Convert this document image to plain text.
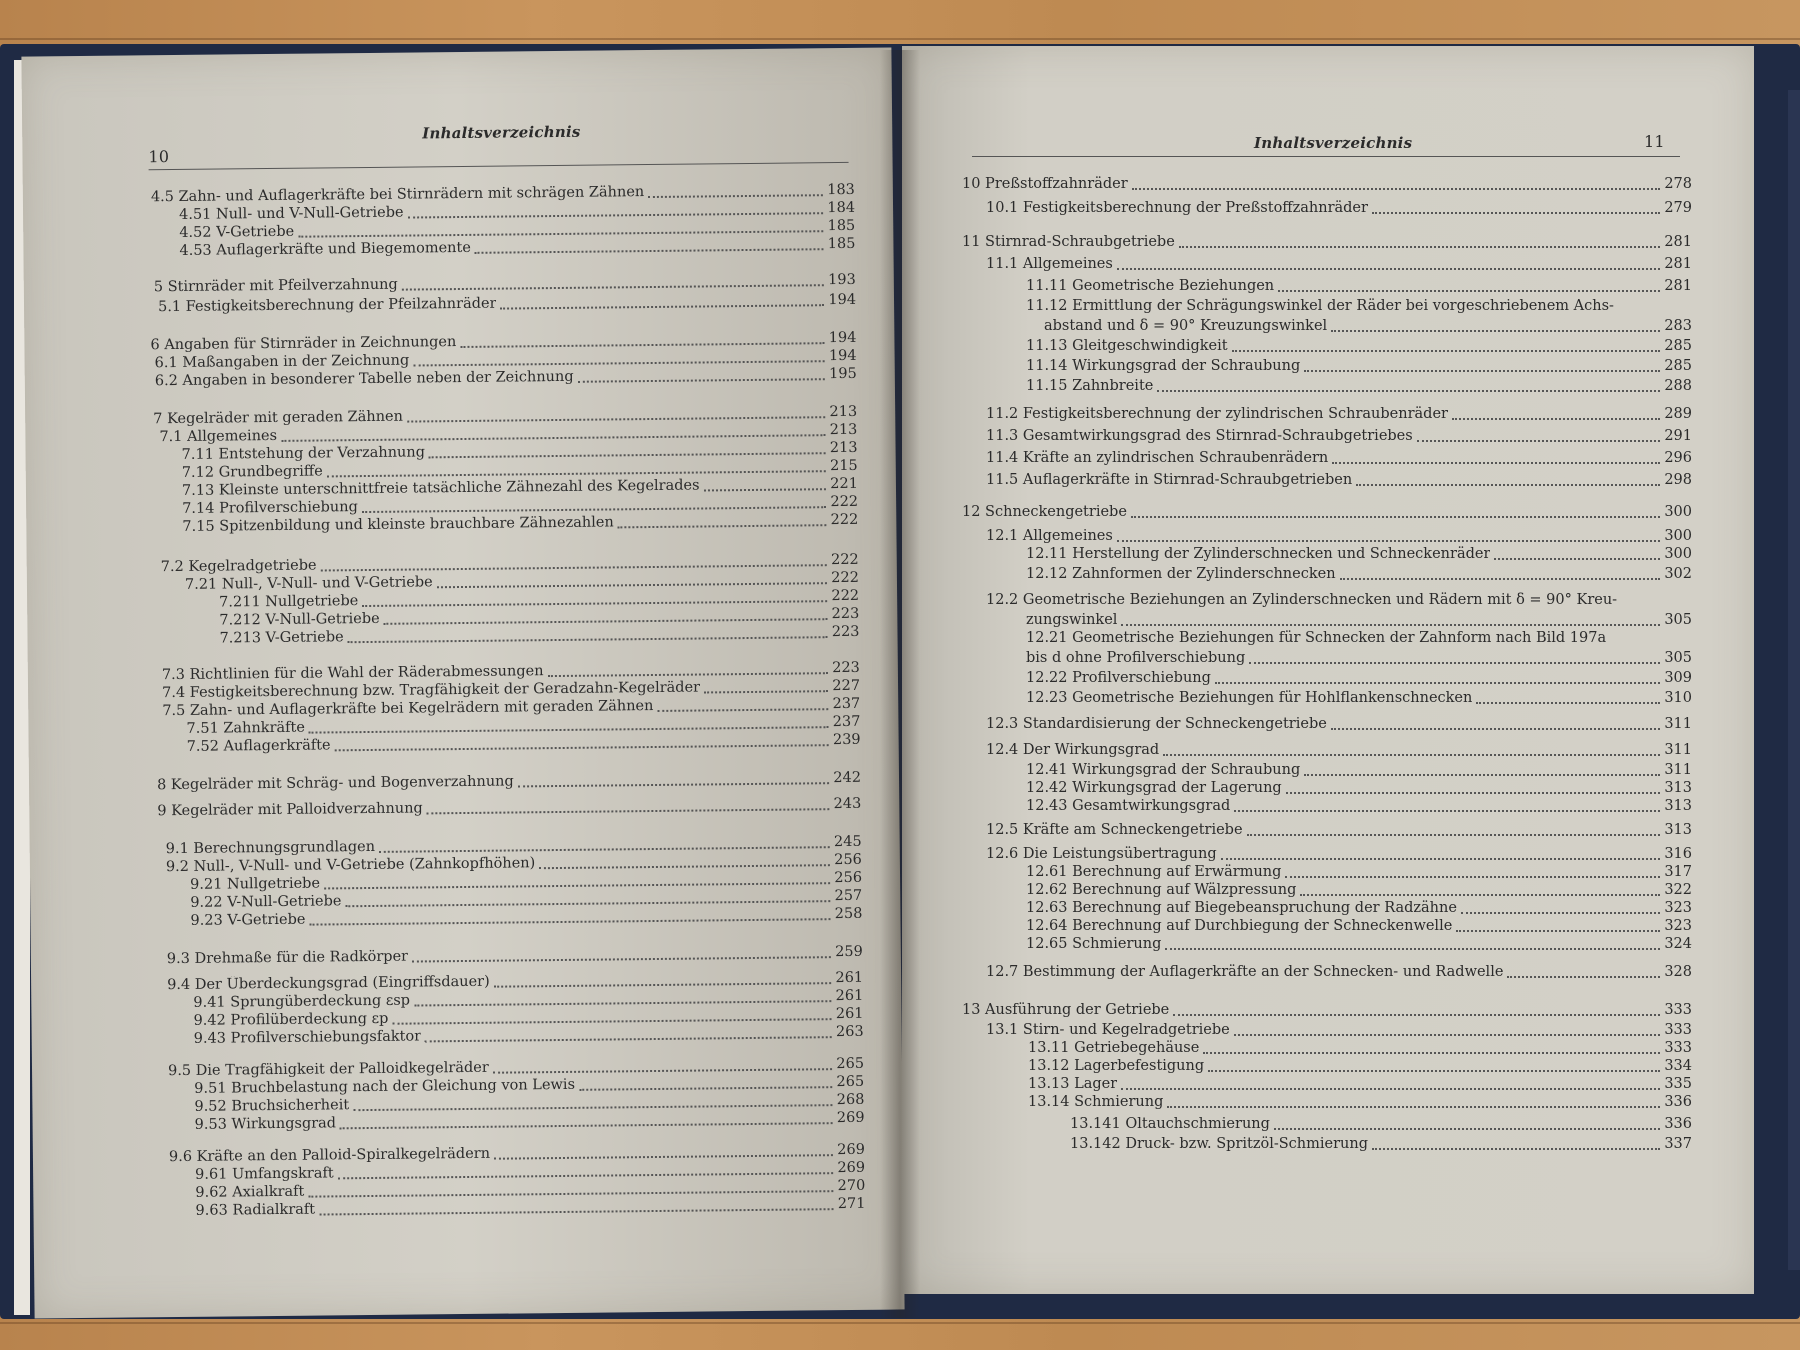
10
Inhaltsverzeichnis
4.5 Zahn- und Auflagerkräfte bei Stirnrädern mit schrägen Zähnen	183
4.51 Null- und V-Null-Getriebe	184
4.52 V-Getriebe	185
4.53 Auflagerkräfte und Biegemomente	185
5 Stirnräder mit Pfeilverzahnung	193
5.1 Festigkeitsberechnung der Pfeilzahnräder	194
6 Angaben für Stirnräder in Zeichnungen	194
6.1 Maßangaben in der Zeichnung	194
6.2 Angaben in besonderer Tabelle neben der Zeichnung	195
7 Kegelräder mit geraden Zähnen	213
7.1 Allgemeines	213
7.11 Entstehung der Verzahnung	213
7.12 Grundbegriffe	215
7.13 Kleinste unterschnittfreie tatsächliche Zähnezahl des Kegelrades	221
7.14 Profilverschiebung	222
7.15 Spitzenbildung und kleinste brauchbare Zähnezahlen	222
7.2 Kegelradgetriebe	222
7.21 Null-, V-Null- und V-Getriebe	222
7.211 Nullgetriebe	222
7.212 V-Null-Getriebe	223
7.213 V-Getriebe	223
7.3 Richtlinien für die Wahl der Räderabmessungen	223
7.4 Festigkeitsberechnung bzw. Tragfähigkeit der Geradzahn-Kegelräder	227
7.5 Zahn- und Auflagerkräfte bei Kegelrädern mit geraden Zähnen	237
7.51 Zahnkräfte	237
7.52 Auflagerkräfte	239
8 Kegelräder mit Schräg- und Bogenverzahnung	242
9 Kegelräder mit Palloidverzahnung	243
9.1 Berechnungsgrundlagen	245
9.2 Null-, V-Null- und V-Getriebe (Zahnkopfhöhen)	256
9.21 Nullgetriebe	256
9.22 V-Null-Getriebe	257
9.23 V-Getriebe	258
9.3 Drehmaße für die Radkörper	259
9.4 Der Überdeckungsgrad (Eingriffsdauer)	261
9.41 Sprungüberdeckung εsp	261
9.42 Profilüberdeckung εp	261
9.43 Profilverschiebungsfaktor	263
9.5 Die Tragfähigkeit der Palloidkegelräder	265
9.51 Bruchbelastung nach der Gleichung von Lewis	265
9.52 Bruchsicherheit	268
9.53 Wirkungsgrad	269
9.6 Kräfte an den Palloid-Spiralkegelrädern	269
9.61 Umfangskraft	269
9.62 Axialkraft	270
9.63 Radialkraft	271
Inhaltsverzeichnis	11
10 Preßstoffzahnräder	278
10.1 Festigkeitsberechnung der Preßstoffzahnräder	279
11 Stirnrad-Schraubgetriebe	281
11.1 Allgemeines	281
11.11 Geometrische Beziehungen	281
11.12 Ermittlung der Schrägungswinkel der Räder bei vorgeschriebenem Achs-
abstand und δ = 90° Kreuzungswinkel	283
11.13 Gleitgeschwindigkeit	285
11.14 Wirkungsgrad der Schraubung	285
11.15 Zahnbreite	288
11.2 Festigkeitsberechnung der zylindrischen Schraubenräder	289
11.3 Gesamtwirkungsgrad des Stirnrad-Schraubgetriebes	291
11.4 Kräfte an zylindrischen Schraubenrädern	296
11.5 Auflagerkräfte in Stirnrad-Schraubgetrieben	298
12 Schneckengetriebe	300
12.1 Allgemeines	300
12.11 Herstellung der Zylinderschnecken und Schneckenräder	300
12.12 Zahnformen der Zylinderschnecken	302
12.2 Geometrische Beziehungen an Zylinderschnecken und Rädern mit δ = 90° Kreu-
zungswinkel	305
12.21 Geometrische Beziehungen für Schnecken der Zahnform nach Bild 197a
bis d ohne Profilverschiebung	305
12.22 Profilverschiebung	309
12.23 Geometrische Beziehungen für Hohlflankenschnecken	310
12.3 Standardisierung der Schneckengetriebe	311
12.4 Der Wirkungsgrad	311
12.41 Wirkungsgrad der Schraubung	311
12.42 Wirkungsgrad der Lagerung	313
12.43 Gesamtwirkungsgrad	313
12.5 Kräfte am Schneckengetriebe	313
12.6 Die Leistungsübertragung	316
12.61 Berechnung auf Erwärmung	317
12.62 Berechnung auf Wälzpressung	322
12.63 Berechnung auf Biegebeanspruchung der Radzähne	323
12.64 Berechnung auf Durchbiegung der Schneckenwelle	323
12.65 Schmierung	324
12.7 Bestimmung der Auflagerkräfte an der Schnecken- und Radwelle	328
13 Ausführung der Getriebe	333
13.1 Stirn- und Kegelradgetriebe	333
13.11 Getriebegehäuse	333
13.12 Lagerbefestigung	334
13.13 Lager	335
13.14 Schmierung	336
13.141 Öltauchschmierung	336
13.142 Druck- bzw. Spritzöl-Schmierung	337
